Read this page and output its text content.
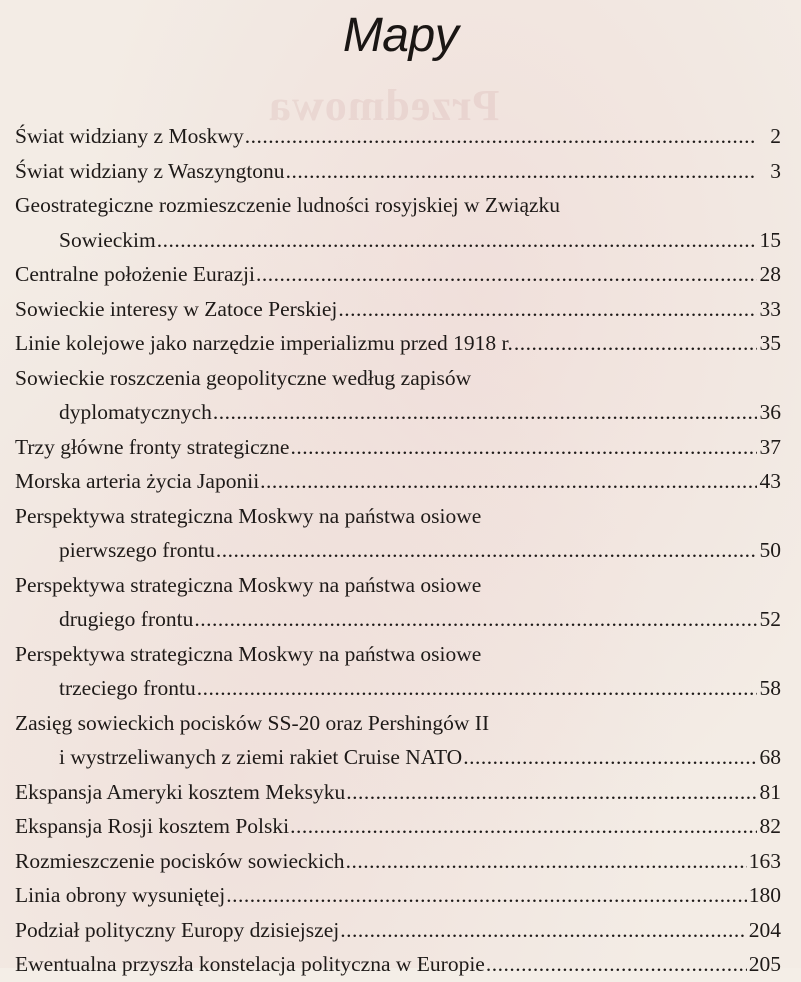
Mapy
Świat widziany z Moskwy .....	2
Świat widziany z Waszyngtonu .....	3
Geostrategiczne rozmieszczenie ludności rosyjskiej w Związku
Sowieckim .....	15
Centralne położenie Eurazji .....	28
Sowieckie interesy w Zatoce Perskiej .....	33
Linie kolejowe jako narzędzie imperializmu przed 1918 r. .....	35
Sowieckie roszczenia geopolityczne według zapisów
dyplomatycznych .....	36
Trzy główne fronty strategiczne .....	37
Morska arteria życia Japonii .....	43
Perspektywa strategiczna Moskwy na państwa osiowe
pierwszego frontu .....	50
Perspektywa strategiczna Moskwy na państwa osiowe
drugiego frontu .....	52
Perspektywa strategiczna Moskwy na państwa osiowe
trzeciego frontu .....	58
Zasięg sowieckich pocisków SS-20 oraz Pershingów II
i wystrzeliwanych z ziemi rakiet Cruise NATO .....	68
Ekspansja Ameryki kosztem Meksyku .....	81
Ekspansja Rosji kosztem Polski .....	82
Rozmieszczenie pocisków sowieckich .....	163
Linia obrony wysuniętej .....	180
Podział polityczny Europy dzisiejszej .....	204
Ewentualna przyszła konstelacja polityczna w Europie .....	205
